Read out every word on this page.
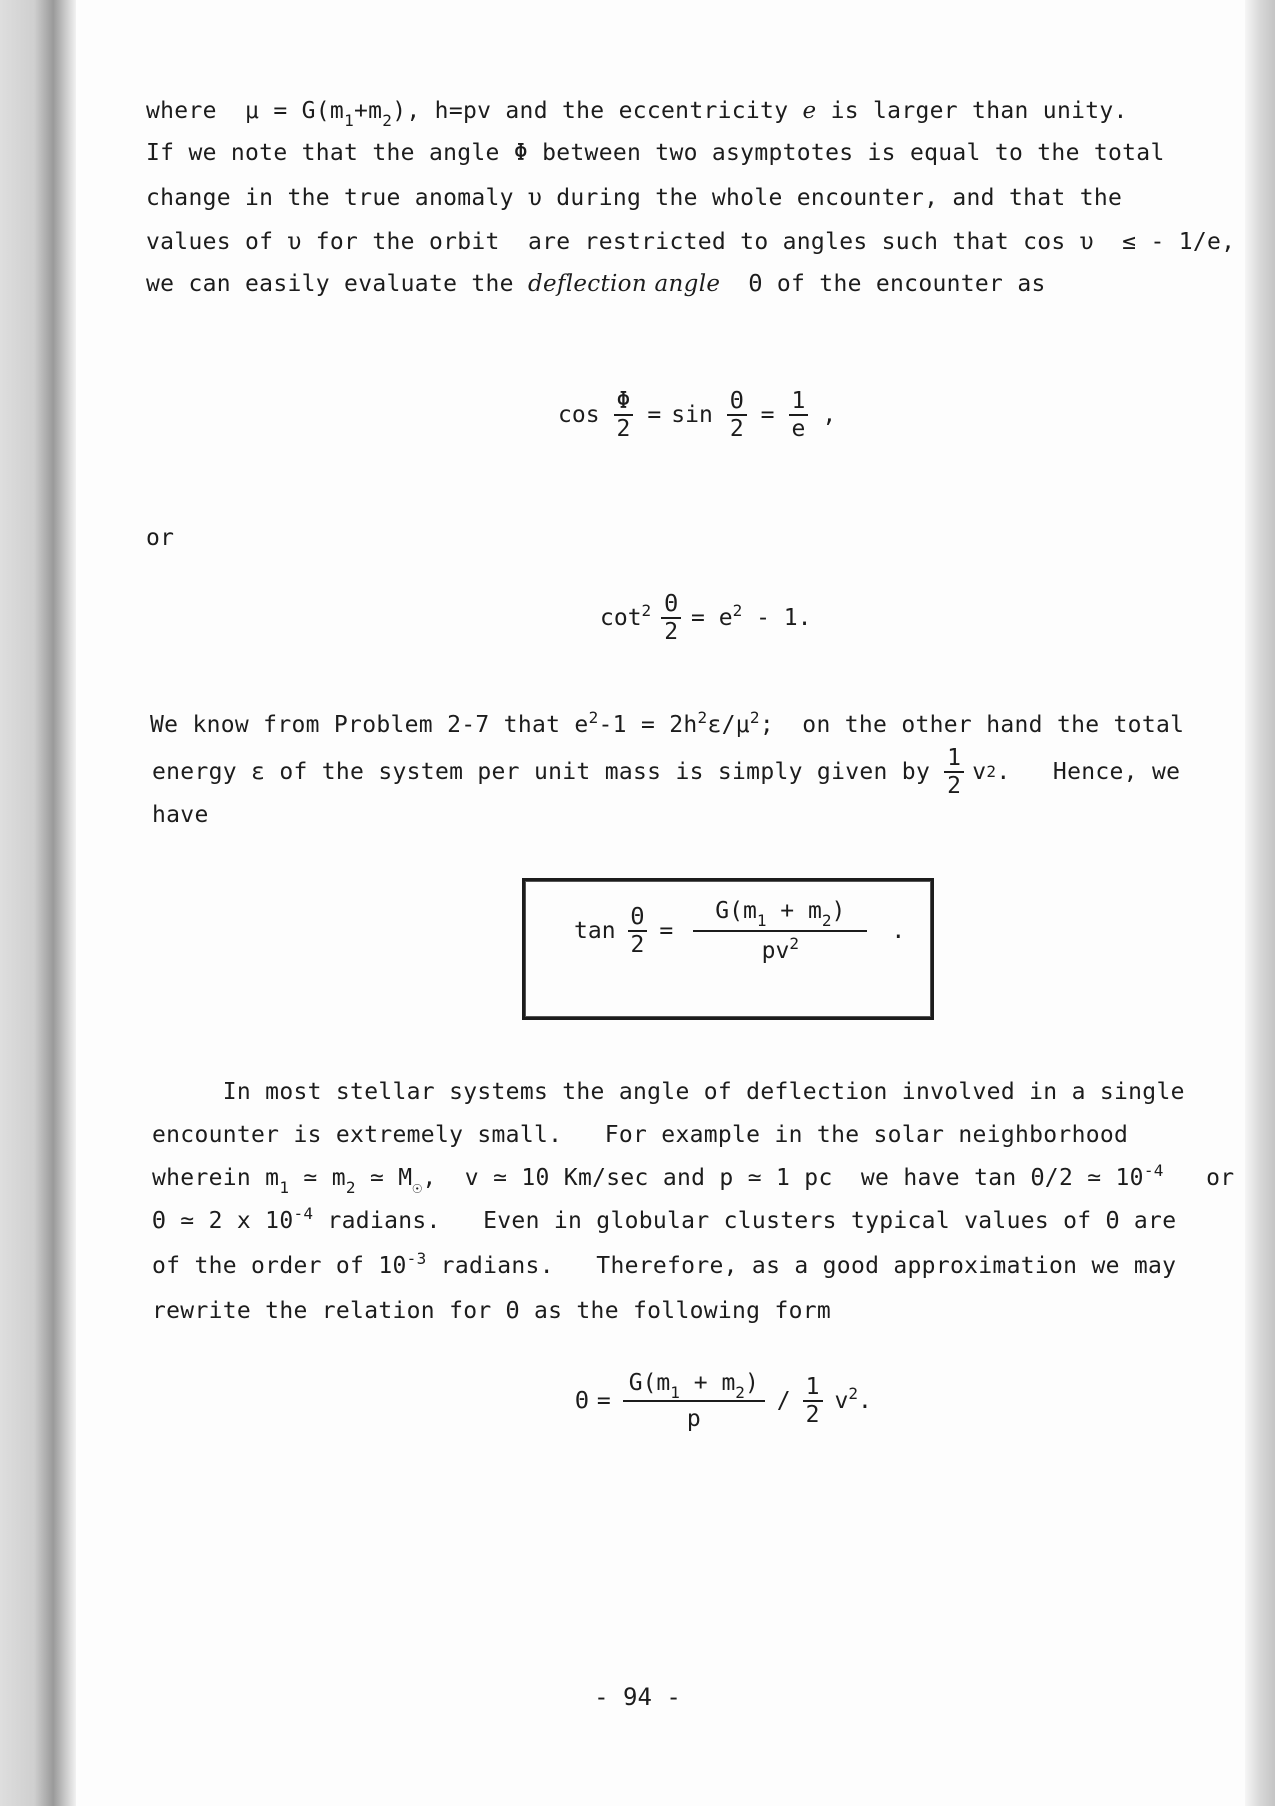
where  $\mu = G(m_1+m_2)$, h=pv and the eccentricity e is larger than unity.
If we note that the angle Φ between two asymptotes is equal to the total
change in the true anomaly υ during the whole encounter, and that the
values of υ for the orbit  are restricted to angles such that cos υ  ≤ - 1/e,
we can easily evaluate the deflection angle  Θ of the encounter as
$\cos \frac{\Phi}{2} = \sin \frac{\Theta}{2} = \frac{1}{e}$ ,
or
$\cot^2 \frac{\Theta}{2} = e^2 - 1$.
We know from Problem 2-7 that $e^2-1 = 2h^2\varepsilon/\mu^2$;  on the other hand the total
energy ε of the system per unit mass is simply given by $\frac{1}{2}$ v 2 .   Hence, we
have
$\tan \frac{\Theta}{2} = \frac{G(m_1 + m_2)}{pv^2}$ .
In most stellar systems the angle of deflection involved in a single
encounter is extremely small.   For example in the solar neighborhood
wherein $m_1$ ≃ $m_2$ ≃ $M_☉$,  v ≃ 10 Km/sec and p ≃ 1 pc  we have tan Θ/2 ≃ $10^{-4}$   or
Θ ≃ 2 x $10^{-4}$ radians.   Even in globular clusters typical values of Θ are
of the order of $10^{-3}$ radians.   Therefore, as a good approximation we may
rewrite the relation for Θ as the following form
$\Theta = \frac{G(m_1 + m_2)}{p} / \frac{1}{2} v^2$.
- 94 -
